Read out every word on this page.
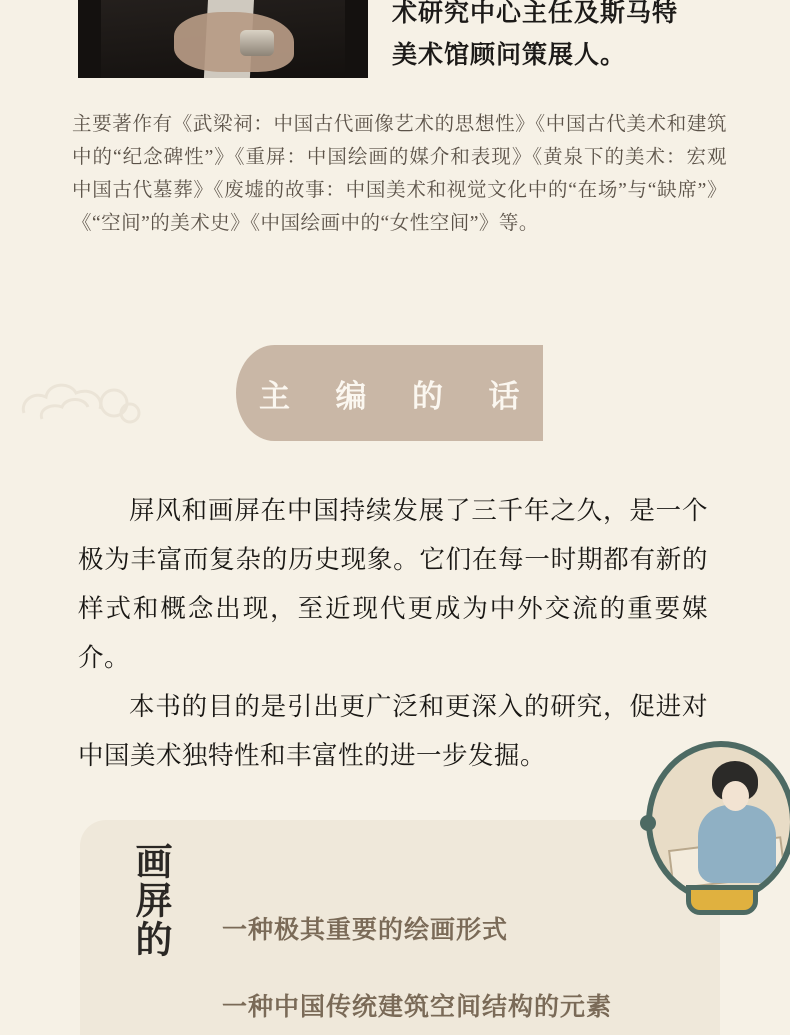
术研究中心主任及斯马特
美术馆顾问策展人。
主要著作有《武梁祠：中国古代画像艺术的思想性》《中国古代美术和建筑中的“纪念碑性”》《重屏：中国绘画的媒介和表现》《黄泉下的美术：宏观中国古代墓葬》《废墟的故事：中国美术和视觉文化中的“在场”与“缺席”》《“空间”的美术史》《中国绘画中的“女性空间”》等。
主	编	的	话

屏风和画屏在中国持续发展了三千年之久，是一个极为丰富而复杂的历史现象。它们在每一时期都有新的样式和概念出现，至近现代更成为中外交流的重要媒介。

本书的目的是引出更广泛和更深入的研究，促进对中国美术独特性和丰富性的进一步发掘。

画屏的 一种极其重要的绘画形式
一种中国传统建筑空间结构的元素
